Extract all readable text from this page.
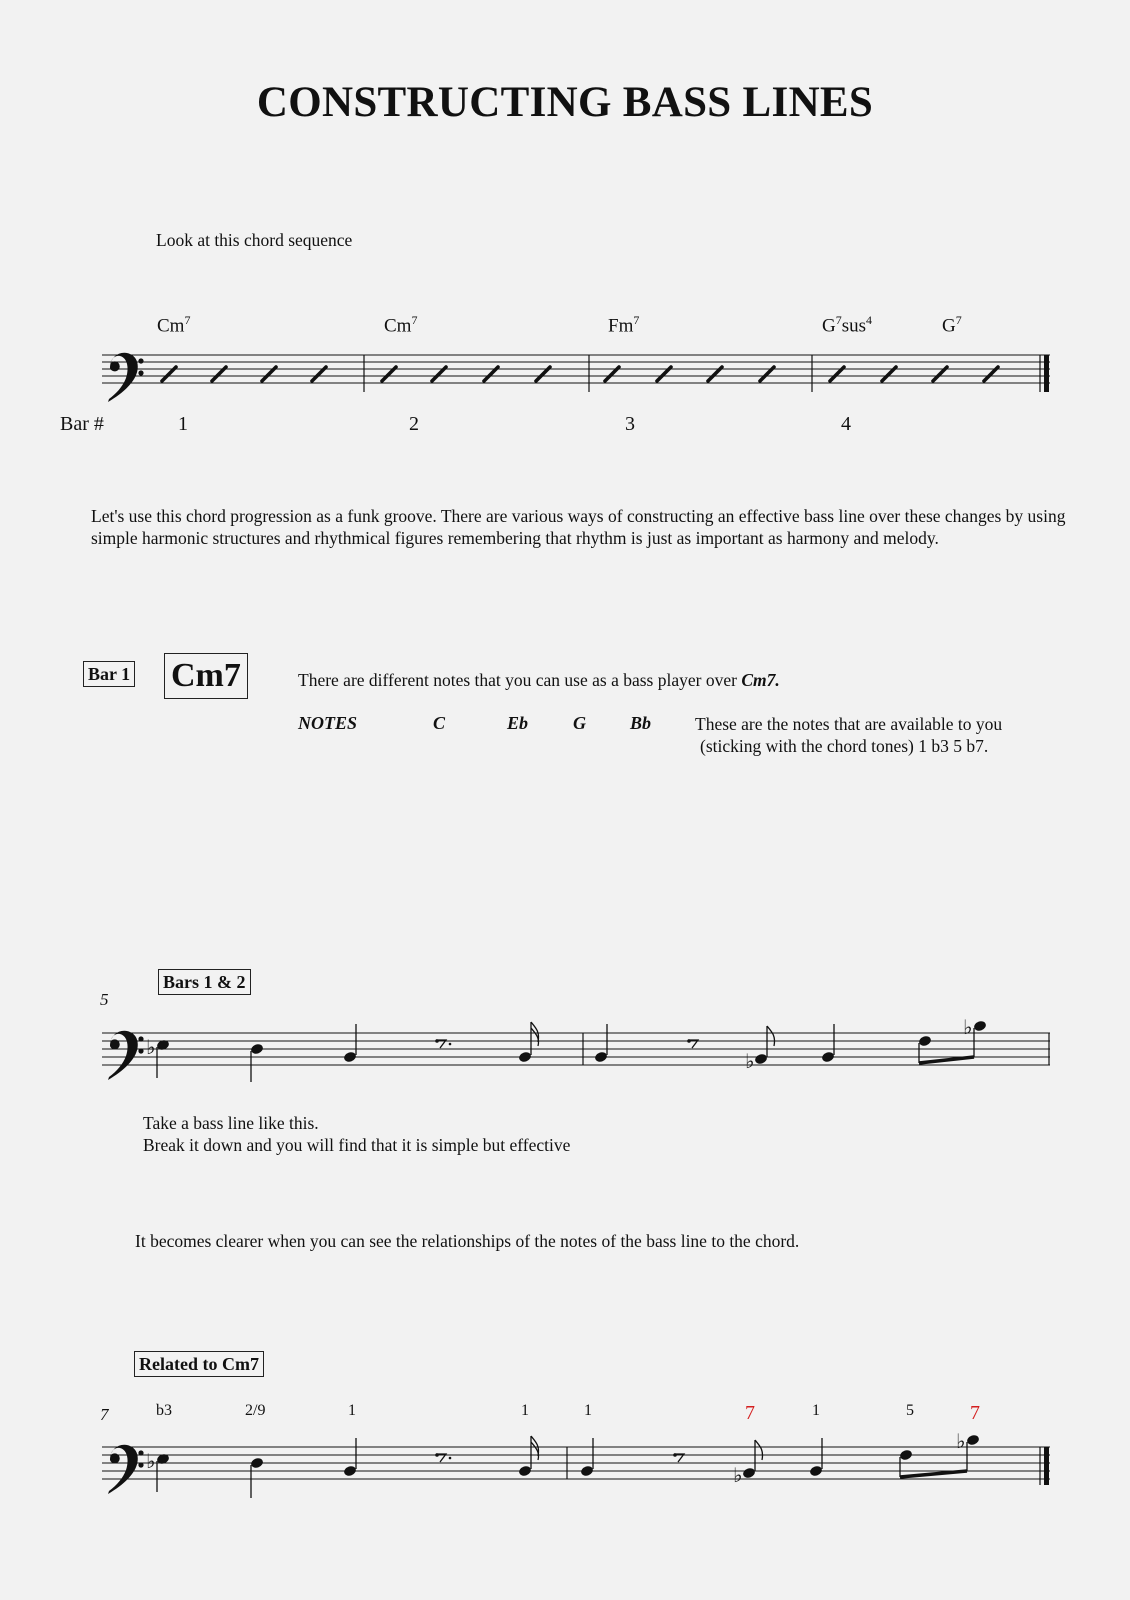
CONSTRUCTING BASS LINES
Look at this chord sequence
Cm$^7$	Cm$^7$	Fm$^7$	$G^7sus^4$	$G^7$
Bar #	1	2	3	4
Let's use this chord progression as a funk groove. There are various ways of constructing an effective bass line over these changes by using simple harmonic structures and rhythmical figures remembering that rhythm is just as important as harmony and melody.
Bar 1 Cm7	There are different notes that you can use as a bass player over Cm7.
NOTES	C	Eb G Bb	These are the notes that are available to you
(sticking with the chord tones) 1 b3 5 b7.
Bars 1 & 2
5
Take a bass line like this.
Break it down and you will find that it is simple but effective
It becomes clearer when you can see the relationships of the notes of the bass line to the chord.
Related to Cm7
7	b3	2/9	1	1	1	7	1	5	7
♭
♭
♭
♭
♭
♭
